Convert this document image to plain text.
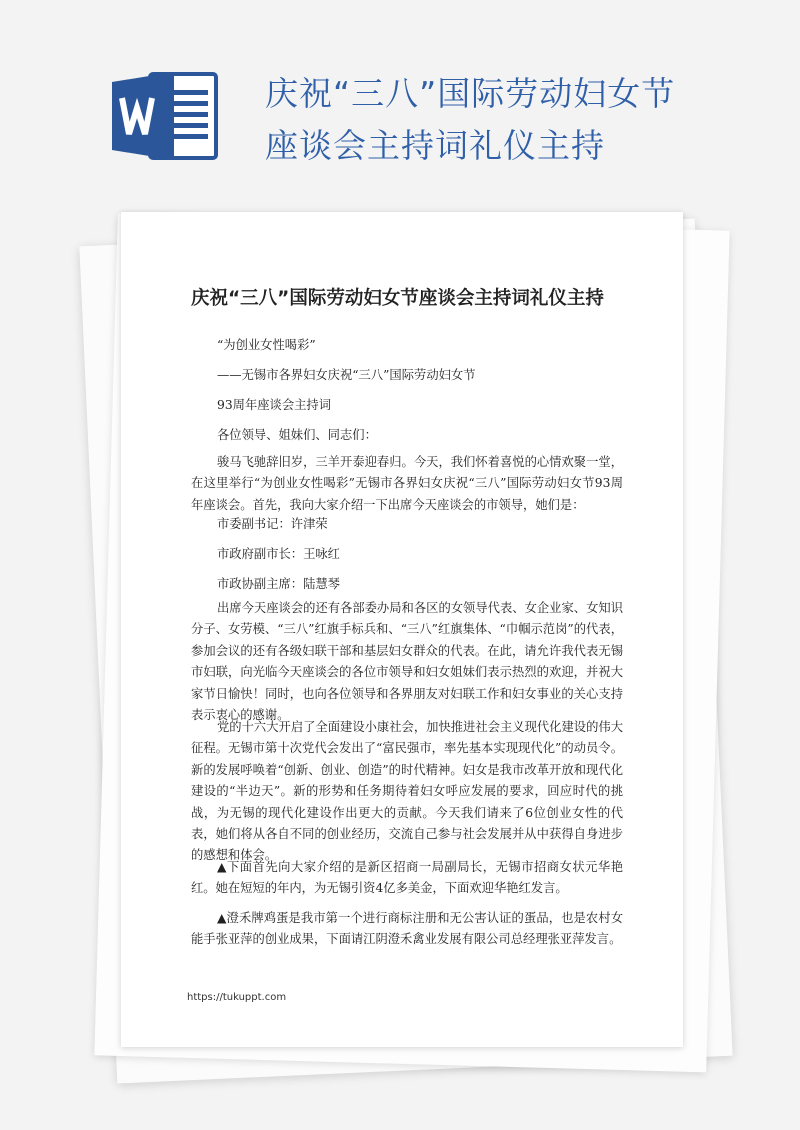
庆祝“三八”国际劳动妇女节
座谈会主持词礼仪主持
庆祝“三八”国际劳动妇女节座谈会主持词礼仪主持
“为创业女性喝彩”
——无锡市各界妇女庆祝“三八”国际劳动妇女节
93周年座谈会主持词
各位领导、姐妹们、同志们：
骏马飞驰辞旧岁，三羊开泰迎春归。今天，我们怀着喜悦的心情欢聚一堂，在这里举行“为创业女性喝彩”无锡市各界妇女庆祝“三八”国际劳动妇女节93周年座谈会。首先，我向大家介绍一下出席今天座谈会的市领导，她们是：
市委副书记：许津荣
市政府副市长：王咏红
市政协副主席：陆慧琴
出席今天座谈会的还有各部委办局和各区的女领导代表、女企业家、女知识分子、女劳模、“三八”红旗手标兵和、“三八”红旗集体、“巾帼示范岗”的代表，参加会议的还有各级妇联干部和基层妇女群众的代表。在此，请允许我代表无锡市妇联，向光临今天座谈会的各位市领导和妇女姐妹们表示热烈的欢迎，并祝大家节日愉快！同时，也向各位领导和各界朋友对妇联工作和妇女事业的关心支持表示衷心的感谢。
党的十六大开启了全面建设小康社会，加快推进社会主义现代化建设的伟大征程。无锡市第十次党代会发出了“富民强市，率先基本实现现代化”的动员令。新的发展呼唤着“创新、创业、创造”的时代精神。妇女是我市改革开放和现代化建设的“半边天”。新的形势和任务期待着妇女呼应发展的要求，回应时代的挑战，为无锡的现代化建设作出更大的贡献。今天我们请来了6位创业女性的代表，她们将从各自不同的创业经历，交流自己参与社会发展并从中获得自身进步的感想和体会。
▲下面首先向大家介绍的是新区招商一局副局长，无锡市招商女状元华艳红。她在短短的年内，为无锡引资4亿多美金，下面欢迎华艳红发言。
▲澄禾牌鸡蛋是我市第一个进行商标注册和无公害认证的蛋品，也是农村女能手张亚萍的创业成果，下面请江阴澄禾禽业发展有限公司总经理张亚萍发言。
https://tukuppt.com
